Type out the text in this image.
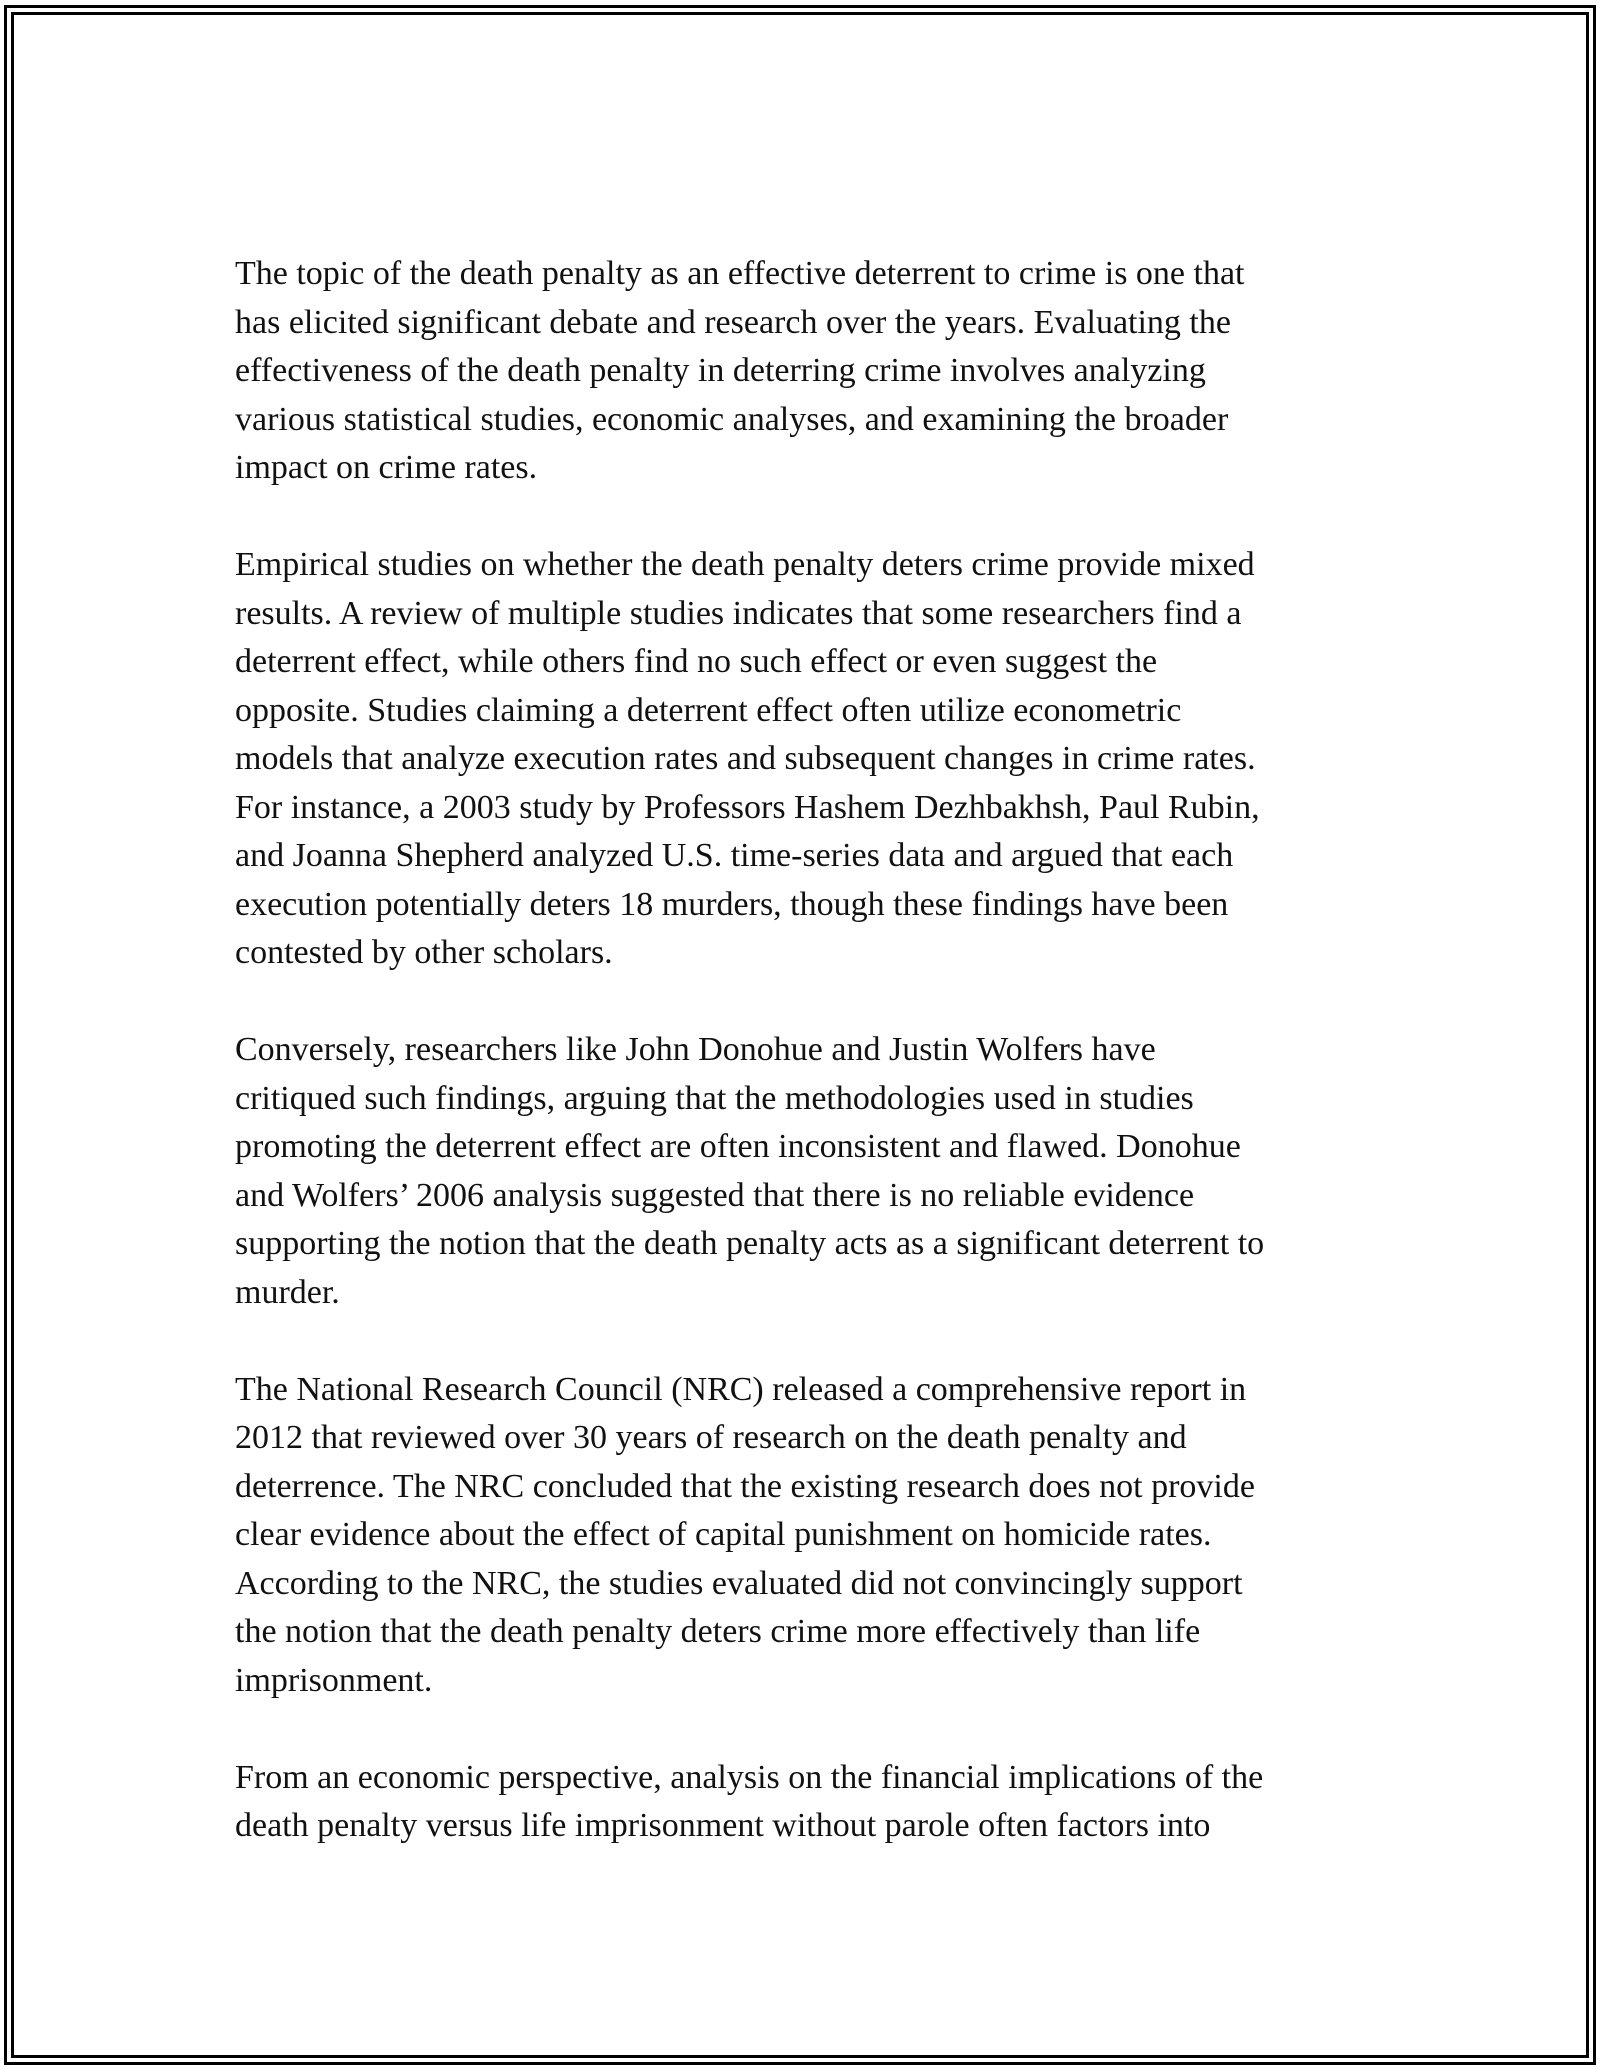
The topic of the death penalty as an effective deterrent to crime is one that
has elicited significant debate and research over the years. Evaluating the
effectiveness of the death penalty in deterring crime involves analyzing
various statistical studies, economic analyses, and examining the broader
impact on crime rates.

Empirical studies on whether the death penalty deters crime provide mixed
results. A review of multiple studies indicates that some researchers find a
deterrent effect, while others find no such effect or even suggest the
opposite. Studies claiming a deterrent effect often utilize econometric
models that analyze execution rates and subsequent changes in crime rates.
For instance, a 2003 study by Professors Hashem Dezhbakhsh, Paul Rubin,
and Joanna Shepherd analyzed U.S. time-series data and argued that each
execution potentially deters 18 murders, though these findings have been
contested by other scholars.

Conversely, researchers like John Donohue and Justin Wolfers have
critiqued such findings, arguing that the methodologies used in studies
promoting the deterrent effect are often inconsistent and flawed. Donohue
and Wolfers’ 2006 analysis suggested that there is no reliable evidence
supporting the notion that the death penalty acts as a significant deterrent to
murder.

The National Research Council (NRC) released a comprehensive report in
2012 that reviewed over 30 years of research on the death penalty and
deterrence. The NRC concluded that the existing research does not provide
clear evidence about the effect of capital punishment on homicide rates.
According to the NRC, the studies evaluated did not convincingly support
the notion that the death penalty deters crime more effectively than life
imprisonment.

From an economic perspective, analysis on the financial implications of the
death penalty versus life imprisonment without parole often factors into
